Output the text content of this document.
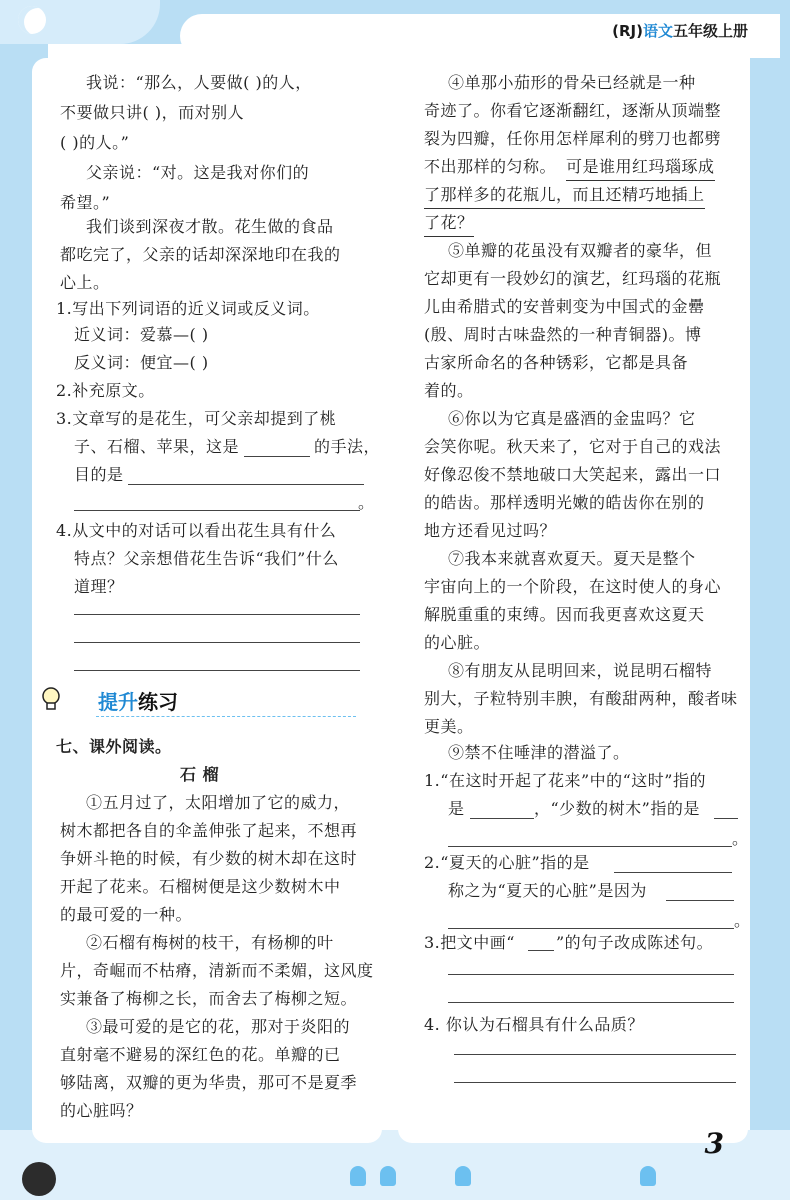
(RJ)语文五年级上册
3
我说：“那么，人要做( )的人，
不要做只讲( )，而对别人
( )的人。”
父亲说：“对。这是我对你们的
希望。”
我们谈到深夜才散。花生做的食品
都吃完了，父亲的话却深深地印在我的
心上。
1.写出下列词语的近义词或反义词。
近义词：爱慕—( )
反义词：便宜—( )
2.补充原文。
3.文章写的是花生，可父亲却提到了桃
子、石榴、苹果，这是	的手法，
目的是
。
4.从文中的对话可以看出花生具有什么
特点？父亲想借花生告诉“我们”什么
道理？
提升练习
七、课外阅读。
石 榴
①五月过了，太阳增加了它的威力，
树木都把各自的伞盖伸张了起来，不想再
争妍斗艳的时候，有少数的树木却在这时
开起了花来。石榴树便是这少数树木中
的最可爱的一种。
②石榴有梅树的枝干，有杨柳的叶
片，奇崛而不枯瘠，清新而不柔媚，这风度
实兼备了梅柳之长，而舍去了梅柳之短。
③最可爱的是它的花，那对于炎阳的
直射毫不避易的深红色的花。单瓣的已
够陆离，双瓣的更为华贵，那可不是夏季
的心脏吗？
④单那小茄形的骨朵已经就是一种
奇迹了。你看它逐渐翻红，逐渐从顶端整
裂为四瓣，任你用怎样犀利的劈刀也都劈
不出那样的匀称。 可是谁用红玛瑙琢成
了那样多的花瓶儿，而且还精巧地插上
了花？
⑤单瓣的花虽没有双瓣者的豪华，但
它却更有一段妙幻的演艺，红玛瑙的花瓶
儿由希腊式的安普剌变为中国式的金罍
(殷、周时古味盎然的一种青铜器)。博
古家所命名的各种锈彩，它都是具备
着的。
⑥你以为它真是盛酒的金盅吗？它
会笑你呢。秋天来了，它对于自己的戏法
好像忍俊不禁地破口大笑起来，露出一口
的皓齿。那样透明光嫩的皓齿你在别的
地方还看见过吗？
⑦我本来就喜欢夏天。夏天是整个
宇宙向上的一个阶段，在这时使人的身心
解脱重重的束缚。因而我更喜欢这夏天
的心脏。
⑧有朋友从昆明回来，说昆明石榴特
别大，子粒特别丰腴，有酸甜两种，酸者味
更美。
⑨禁不住唾津的潜溢了。
1.“在这时开起了花来”中的“这时”指的
是	，“少数的树木”指的是
。
2.“夏天的心脏”指的是
称之为“夏天的心脏”是因为
。
3.把文中画“	”的句子改成陈述句。
4. 你认为石榴具有什么品质？
